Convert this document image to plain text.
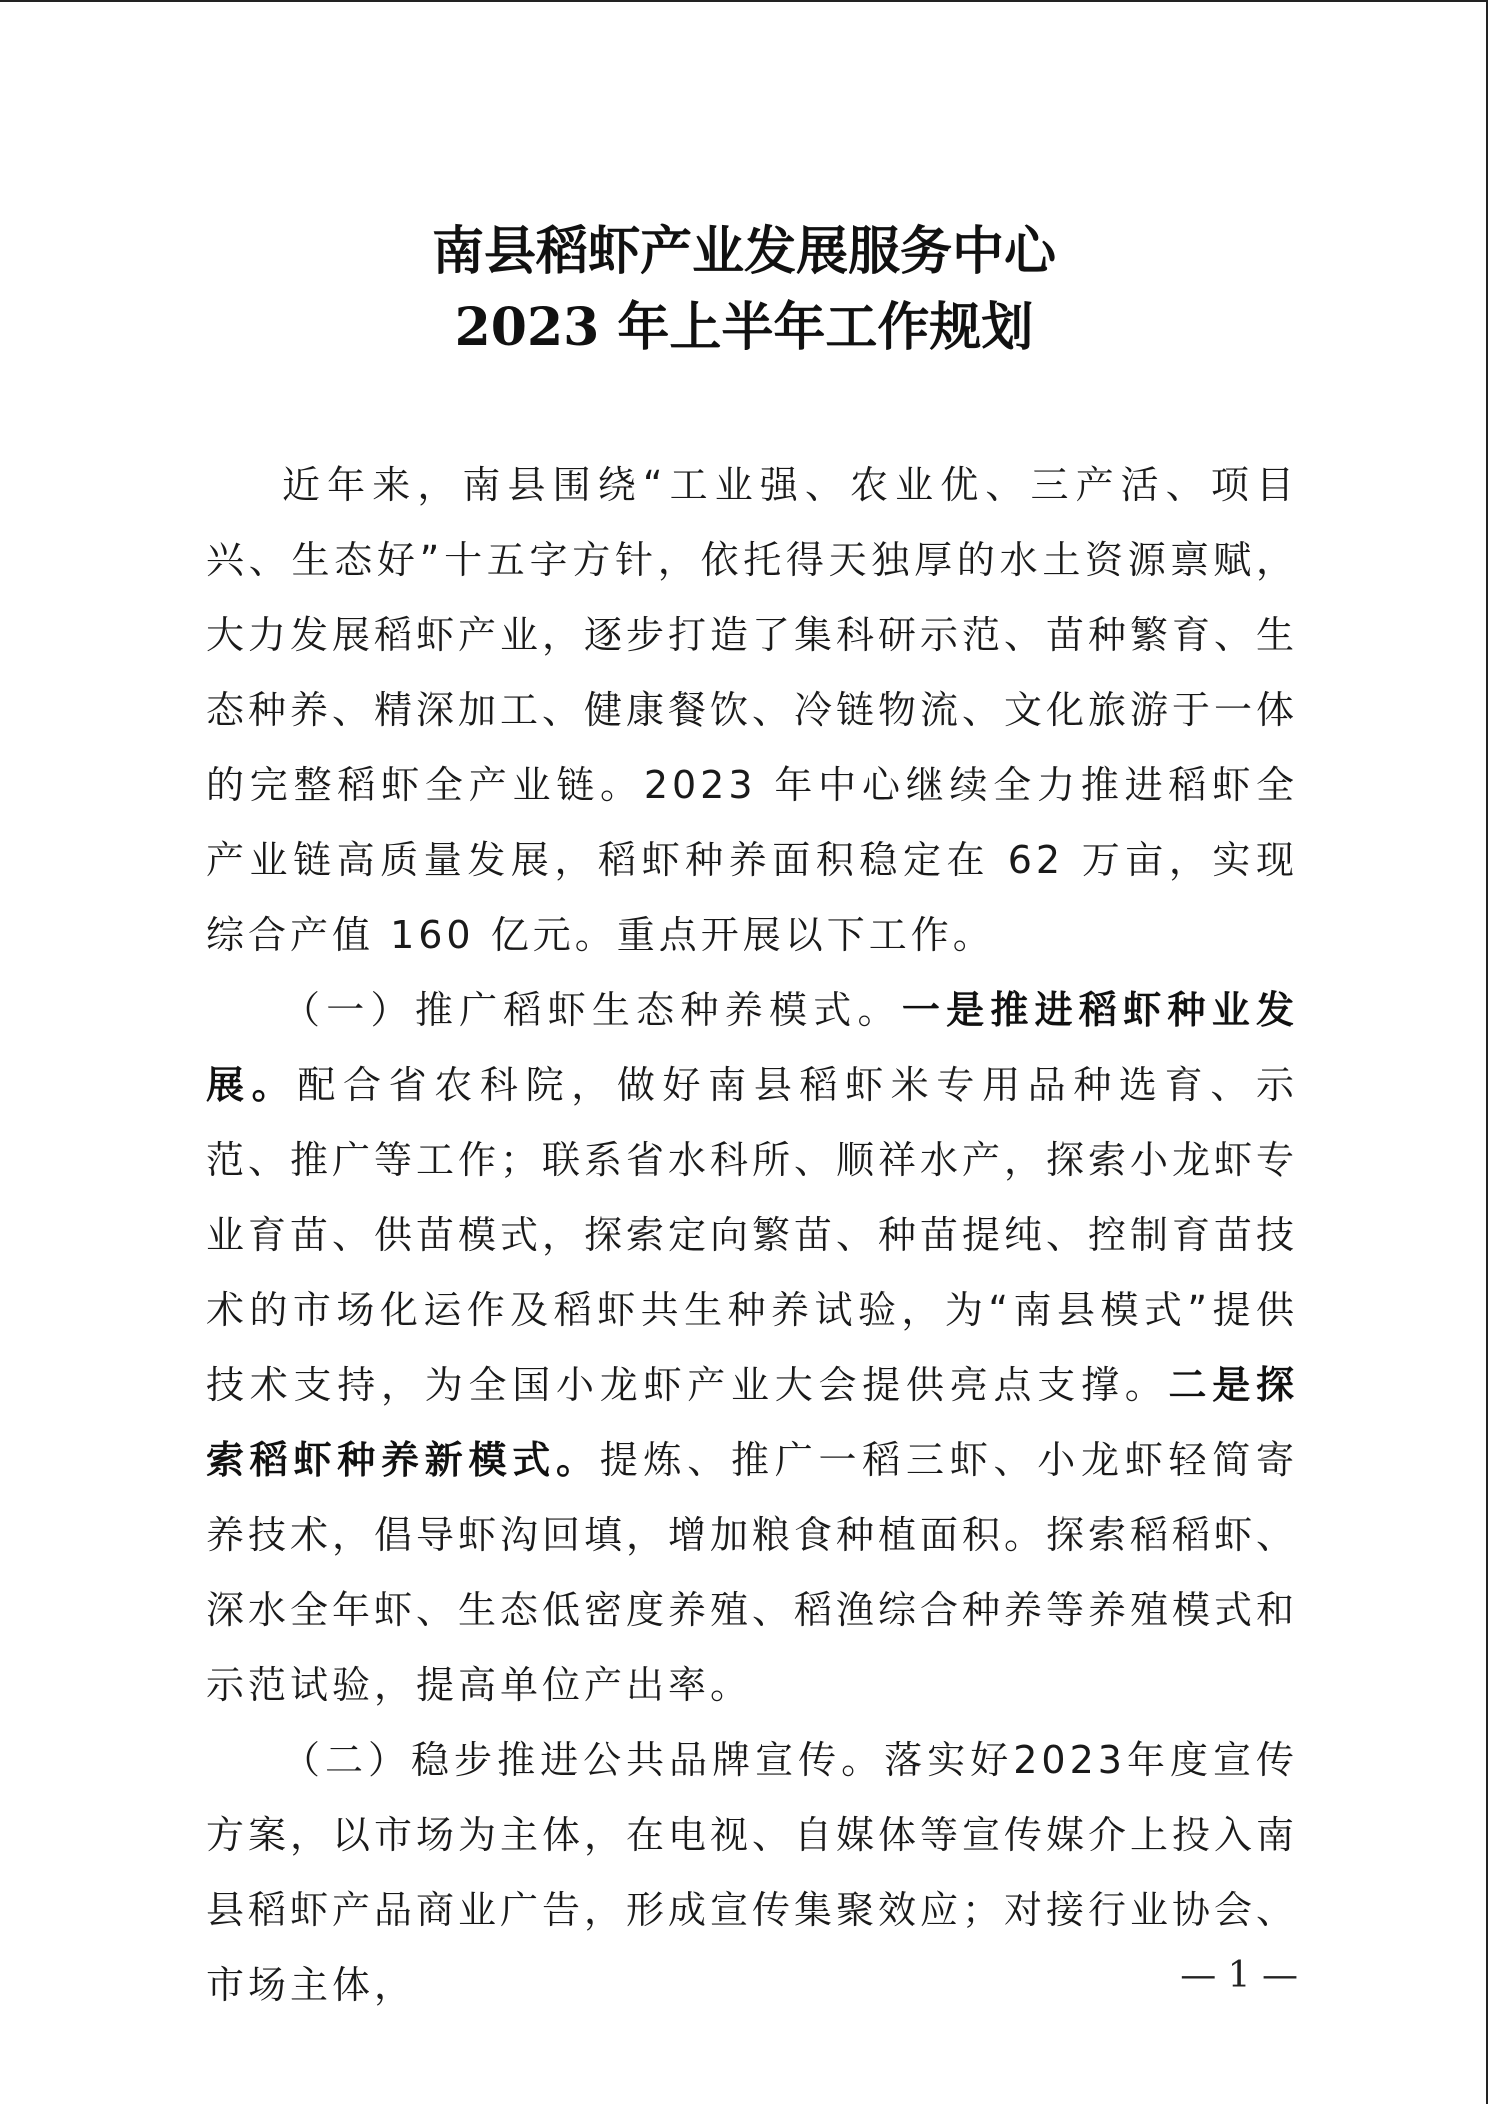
南县稻虾产业发展服务中心
2023 年上半年工作规划

近年来，南县围绕“工业强、农业优、三产活、项目兴、生态好”十五字方针，依托得天独厚的水土资源禀赋，大力发展稻虾产业，逐步打造了集科研示范、苗种繁育、生态种养、精深加工、健康餐饮、冷链物流、文化旅游于一体的完整稻虾全产业链。2023 年中心继续全力推进稻虾全产业链高质量发展，稻虾种养面积稳定在 62 万亩，实现综合产值 160 亿元。重点开展以下工作。

（一）推广稻虾生态种养模式。一是推进稻虾种业发展。配合省农科院，做好南县稻虾米专用品种选育、示范、推广等工作；联系省水科所、顺祥水产，探索小龙虾专业育苗、供苗模式，探索定向繁苗、种苗提纯、控制育苗技术的市场化运作及稻虾共生种养试验，为“南县模式”提供技术支持，为全国小龙虾产业大会提供亮点支撑。二是探索稻虾种养新模式。提炼、推广一稻三虾、小龙虾轻简寄养技术，倡导虾沟回填，增加粮食种植面积。探索稻稻虾、深水全年虾、生态低密度养殖、稻渔综合种养等养殖模式和示范试验，提高单位产出率。

（二）稳步推进公共品牌宣传。落实好2023年度宣传方案，以市场为主体，在电视、自媒体等宣传媒介上投入南县稻虾产品商业广告，形成宣传集聚效应；对接行业协会、市场主体，	— 1 —
